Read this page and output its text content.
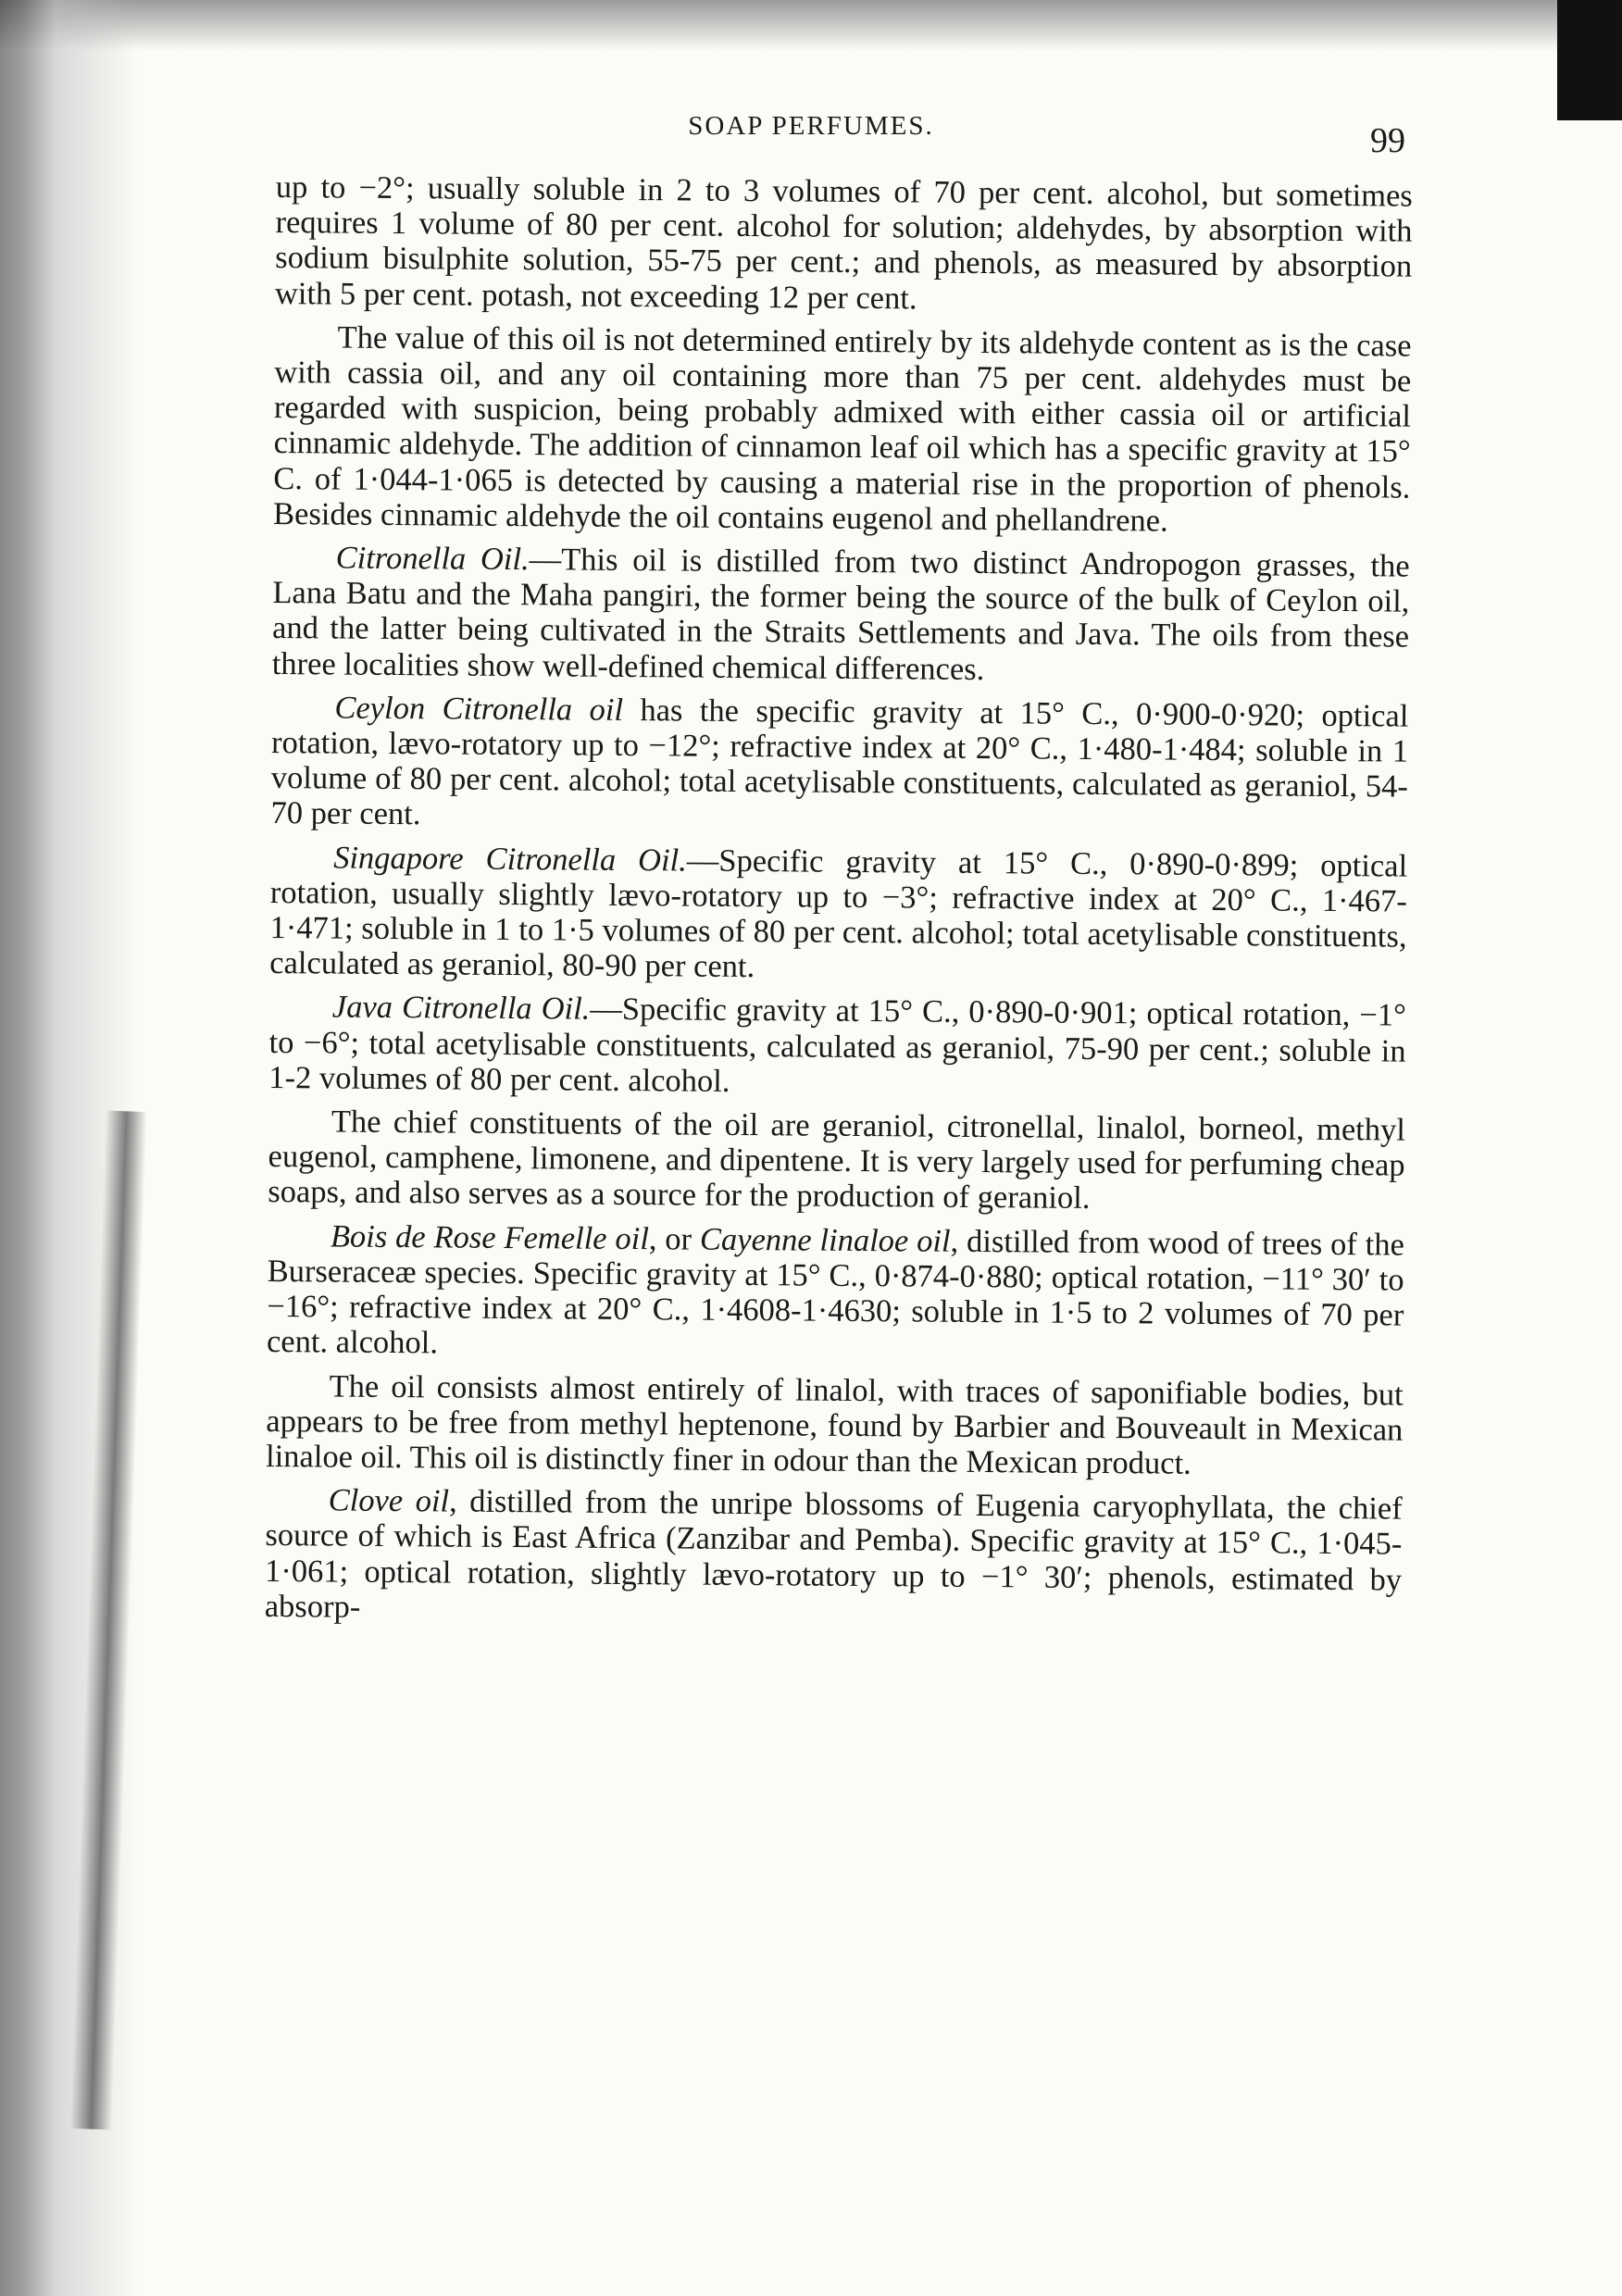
SOAP PERFUMES.	99

up to −2°; usually soluble in 2 to 3 volumes of 70 per cent. alcohol, but sometimes requires 1 volume of 80 per cent. alcohol for solution; aldehydes, by absorption with sodium bisulphite solution, 55-75 per cent.; and phenols, as measured by absorption with 5 per cent. potash, not exceeding 12 per cent.

The value of this oil is not determined entirely by its aldehyde content as is the case with cassia oil, and any oil containing more than 75 per cent. aldehydes must be regarded with suspicion, being probably admixed with either cassia oil or artificial cinnamic aldehyde. The addition of cinnamon leaf oil which has a specific gravity at 15° C. of 1·044-1·065 is detected by causing a material rise in the proportion of phenols. Besides cinnamic aldehyde the oil contains eugenol and phellandrene.

Citronella Oil.—This oil is distilled from two distinct Andropogon grasses, the Lana Batu and the Maha pangiri, the former being the source of the bulk of Ceylon oil, and the latter being cultivated in the Straits Settlements and Java. The oils from these three localities show well-defined chemical differences.

Ceylon Citronella oil has the specific gravity at 15° C., 0·900-0·920; optical rotation, lævo-rotatory up to −12°; refractive index at 20° C., 1·480-1·484; soluble in 1 volume of 80 per cent. alcohol; total acetylisable constituents, calculated as geraniol, 54-70 per cent.

Singapore Citronella Oil.—Specific gravity at 15° C., 0·890-0·899; optical rotation, usually slightly lævo-rotatory up to −3°; refractive index at 20° C., 1·467-1·471; soluble in 1 to 1·5 volumes of 80 per cent. alcohol; total acetylisable constituents, calculated as geraniol, 80-90 per cent.

Java Citronella Oil.—Specific gravity at 15° C., 0·890-0·901; optical rotation, −1° to −6°; total acetylisable constituents, calculated as geraniol, 75-90 per cent.; soluble in 1-2 volumes of 80 per cent. alcohol.

The chief constituents of the oil are geraniol, citronellal, linalol, borneol, methyl eugenol, camphene, limonene, and dipentene. It is very largely used for perfuming cheap soaps, and also serves as a source for the production of geraniol.

Bois de Rose Femelle oil, or Cayenne linaloe oil, distilled from wood of trees of the Burseraceæ species. Specific gravity at 15° C., 0·874-0·880; optical rotation, −11° 30′ to −16°; refractive index at 20° C., 1·4608-1·4630; soluble in 1·5 to 2 volumes of 70 per cent. alcohol.

The oil consists almost entirely of linalol, with traces of saponifiable bodies, but appears to be free from methyl heptenone, found by Barbier and Bouveault in Mexican linaloe oil. This oil is distinctly finer in odour than the Mexican product.

Clove oil, distilled from the unripe blossoms of Eugenia caryophyllata, the chief source of which is East Africa (Zanzibar and Pemba). Specific gravity at 15° C., 1·045-1·061; optical rotation, slightly lævo-rotatory up to −1° 30′; phenols, estimated by absorp-
